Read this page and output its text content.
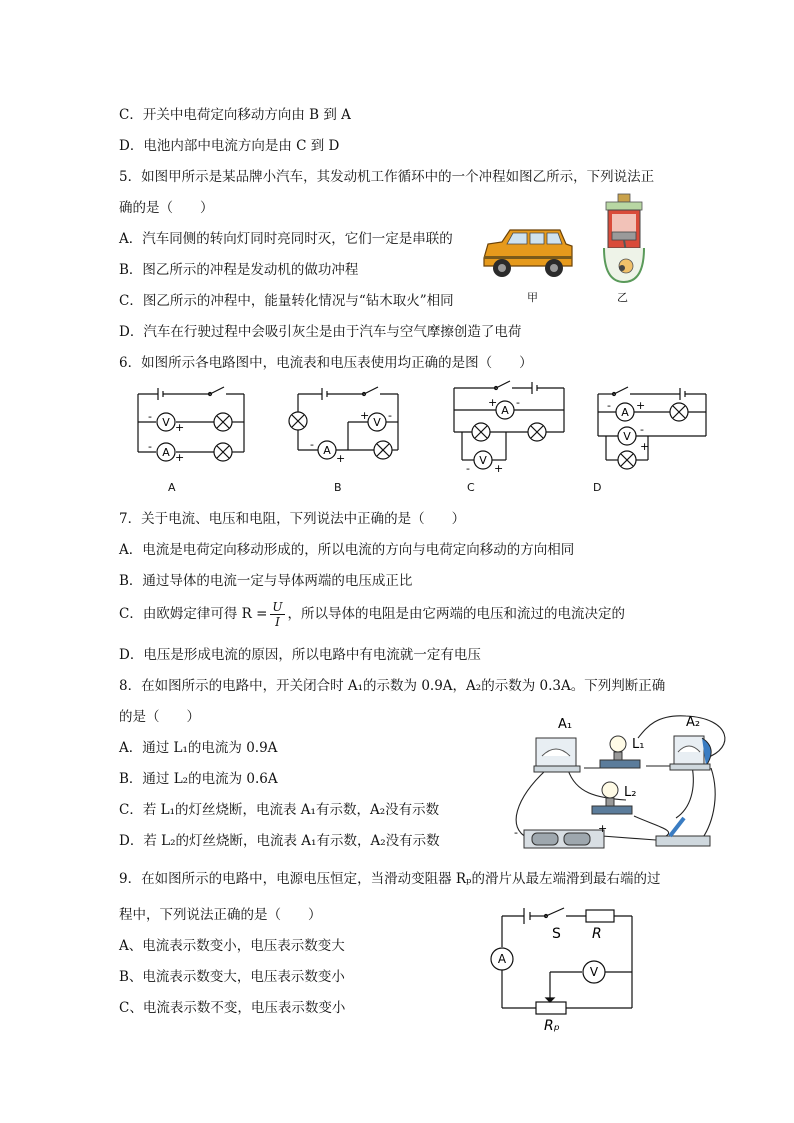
C．开关中电荷定向移动方向由 B 到 A
D．电池内部中电流方向是由 C 到 D
5．如图甲所示是某品牌小汽车，其发动机工作循环中的一个冲程如图乙所示，下列说法正
确的是（　　）
A．汽车同侧的转向灯同时亮同时灭，它们一定是串联的
B．图乙所示的冲程是发动机的做功冲程
C．图乙所示的冲程中，能量转化情况与“钻木取火”相同
D．汽车在行驶过程中会吸引灰尘是由于汽车与空气摩擦创造了电荷
甲	乙
6．如图所示各电路图中，电流表和电压表使用均正确的是图（　　）
V
A
-
+
-
+
A
A
V
+ -
-
+
B
A
V
+ -
- +
C
A
V
- +
-
+
D
7．关于电流、电压和电阻，下列说法中正确的是（　　）
A．电流是电荷定向移动形成的，所以电流的方向与电荷定向移动的方向相同
B．通过导体的电流一定与导体两端的电压成正比
C．由欧姆定律可得 $R = \frac{U}{I}$ ，所以导体的电阻是由它两端的电压和流过的电流决定的
D．电压是形成电流的原因，所以电路中有电流就一定有电压
8．在如图所示的电路中，开关闭合时 A₁的示数为 0.9A，A₂的示数为 0.3A。下列判断正确
的是（　　）
A．通过 L₁的电流为 0.9A
B．通过 L₂的电流为 0.6A
C．若 L₁的灯丝烧断，电流表 A₁有示数，A₂没有示数
D．若 L₂的灯丝烧断，电流表 A₁有示数，A₂没有示数
A₁
L₁
A₂
L₂
-	+
9．在如图所示的电路中，电源电压恒定，当滑动变阻器 Rₚ的滑片从最左端滑到最右端的过
程中，下列说法正确的是（　　）
A、电流表示数变小，电压表示数变大
B、电流表示数变大，电压表示数变小
C、电流表示数不变，电压表示数变小
A
V
S R
Rₚ
